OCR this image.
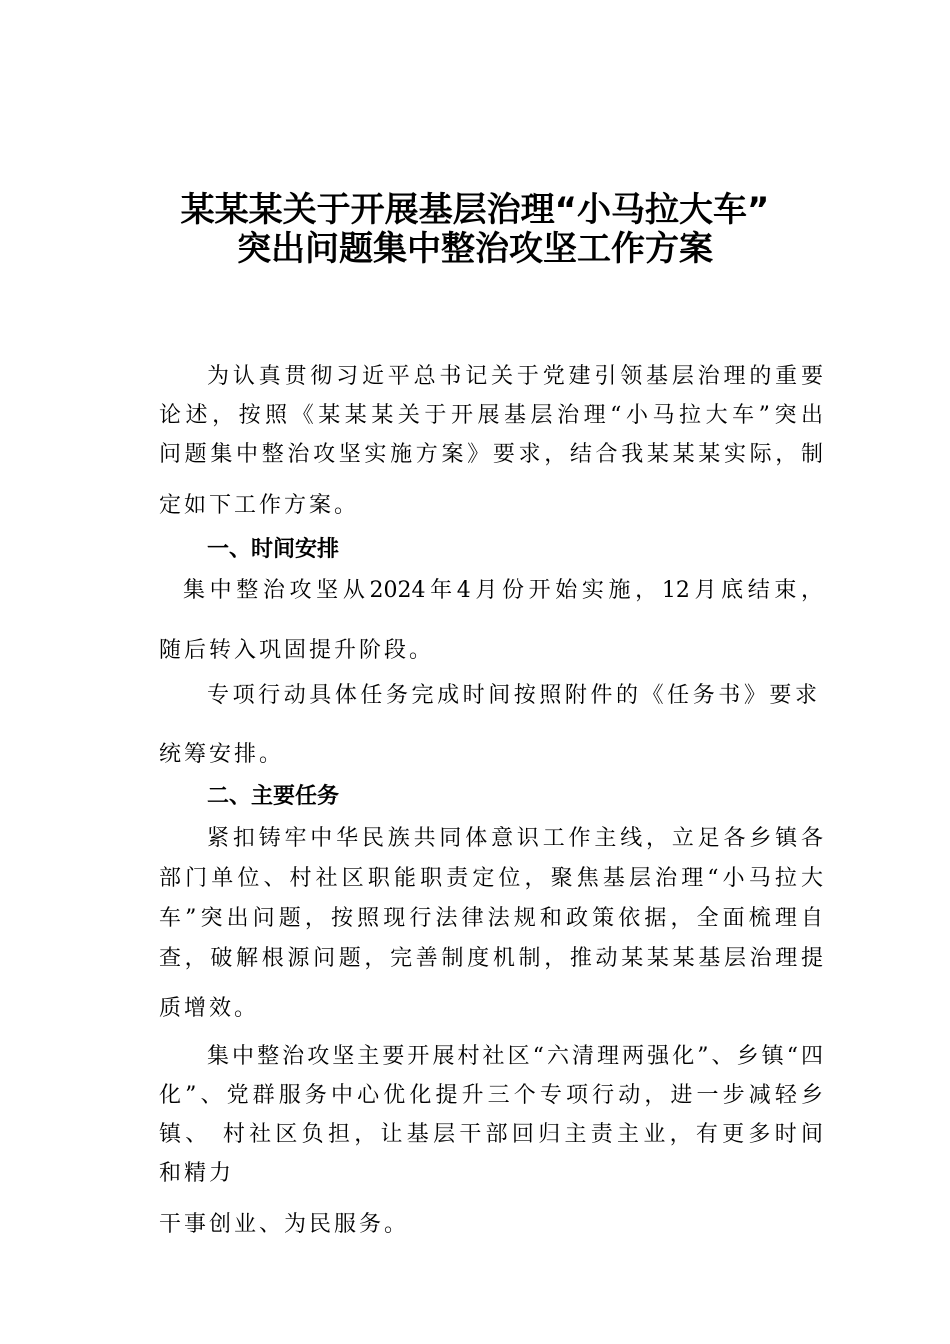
某某某关于开展基层治理“小马拉大车”
突出问题集中整治攻坚工作方案
为认真贯彻习近平总书记关于党建引领基层治理的重要
论述，按照《某某某关于开展基层治理“小马拉大车”突出
问题集中整治攻坚实施方案》要求，结合我某某某实际，制
定如下工作方案。
一、时间安排
集中整治攻坚从2024年4月份开始实施，12月底结束，
随后转入巩固提升阶段。
专项行动具体任务完成时间按照附件的《任务书》要求
统筹安排。
二、主要任务
紧扣铸牢中华民族共同体意识工作主线，立足各乡镇各
部门单位、村社区职能职责定位，聚焦基层治理“小马拉大
车”突出问题，按照现行法律法规和政策依据，全面梳理自
查，破解根源问题，完善制度机制，推动某某某基层治理提
质增效。
集中整治攻坚主要开展村社区“六清理两强化”、乡镇“四
化”、党群服务中心优化提升三个专项行动，进一步减轻乡
镇、 村社区负担，让基层干部回归主责主业，有更多时间
和精力
干事创业、为民服务。
